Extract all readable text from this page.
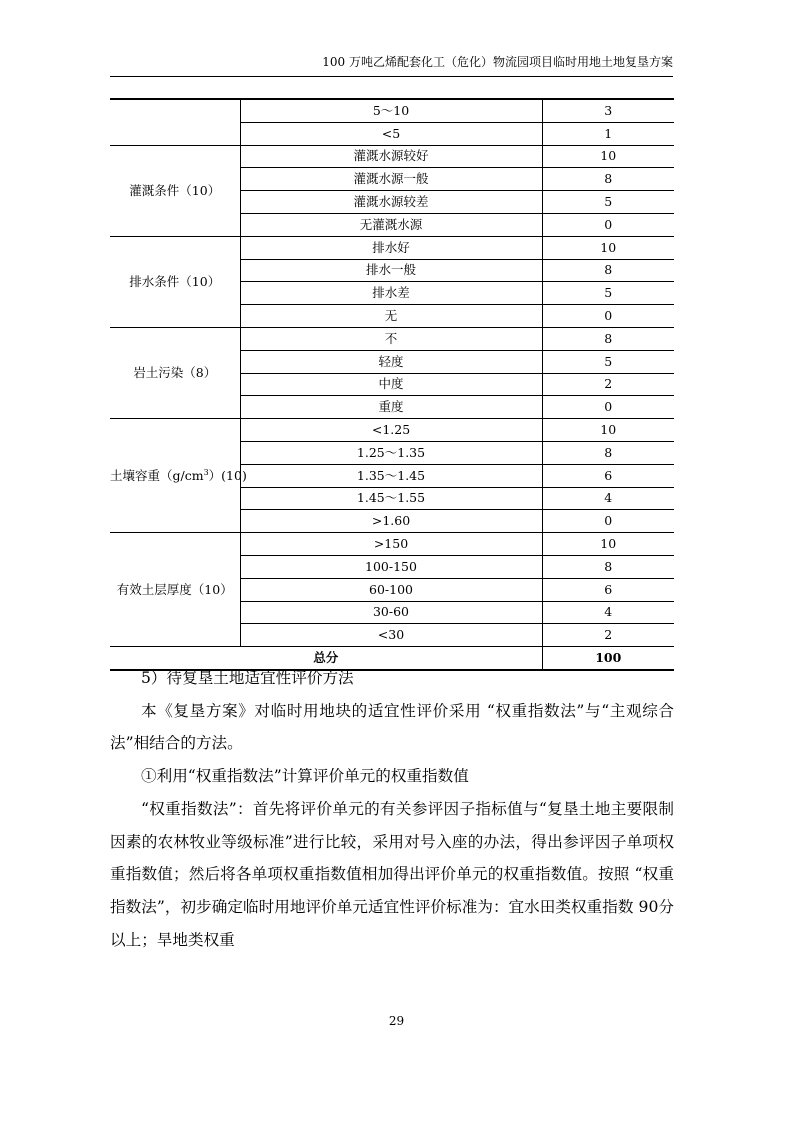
100 万吨乙烯配套化工（危化）物流园项目临时用地土地复垦方案
	5～10	3
	<5	1
灌溉条件（10）	灌溉水源较好	10
	灌溉水源一般	8
	灌溉水源较差	5
	无灌溉水源	0
排水条件（10）	排水好	10
	排水一般	8
	排水差	5
	无	0
岩土污染（8）	不	8
	轻度	5
	中度	2
	重度	0
土壤容重$(g/cm^3)(10)$	<1.25	10
	1.25～1.35	8
	1.35～1.45	6
	1.45～1.55	4
	>1.60	0
有效土层厚度（10）	>150	10
	100-150	8
	60-100	6
	30-60	4
	<30	2
总分		100

5）待复垦土地适宜性评价方法

本《复垦方案》对临时用地块的适宜性评价采用 “权重指数法”与“主观综合法”相结合的方法。

①利用“权重指数法”计算评价单元的权重指数值

“权重指数法”：首先将评价单元的有关参评因子指标值与“复垦土地主要限制因素的农林牧业等级标准”进行比较，采用对号入座的办法，得出参评因子单项权重指数值；然后将各单项权重指数值相加得出评价单元的权重指数值。按照 “权重指数法”，初步确定临时用地评价单元适宜性评价标准为：宜水田类权重指数 90分以上；旱地类权重

29
